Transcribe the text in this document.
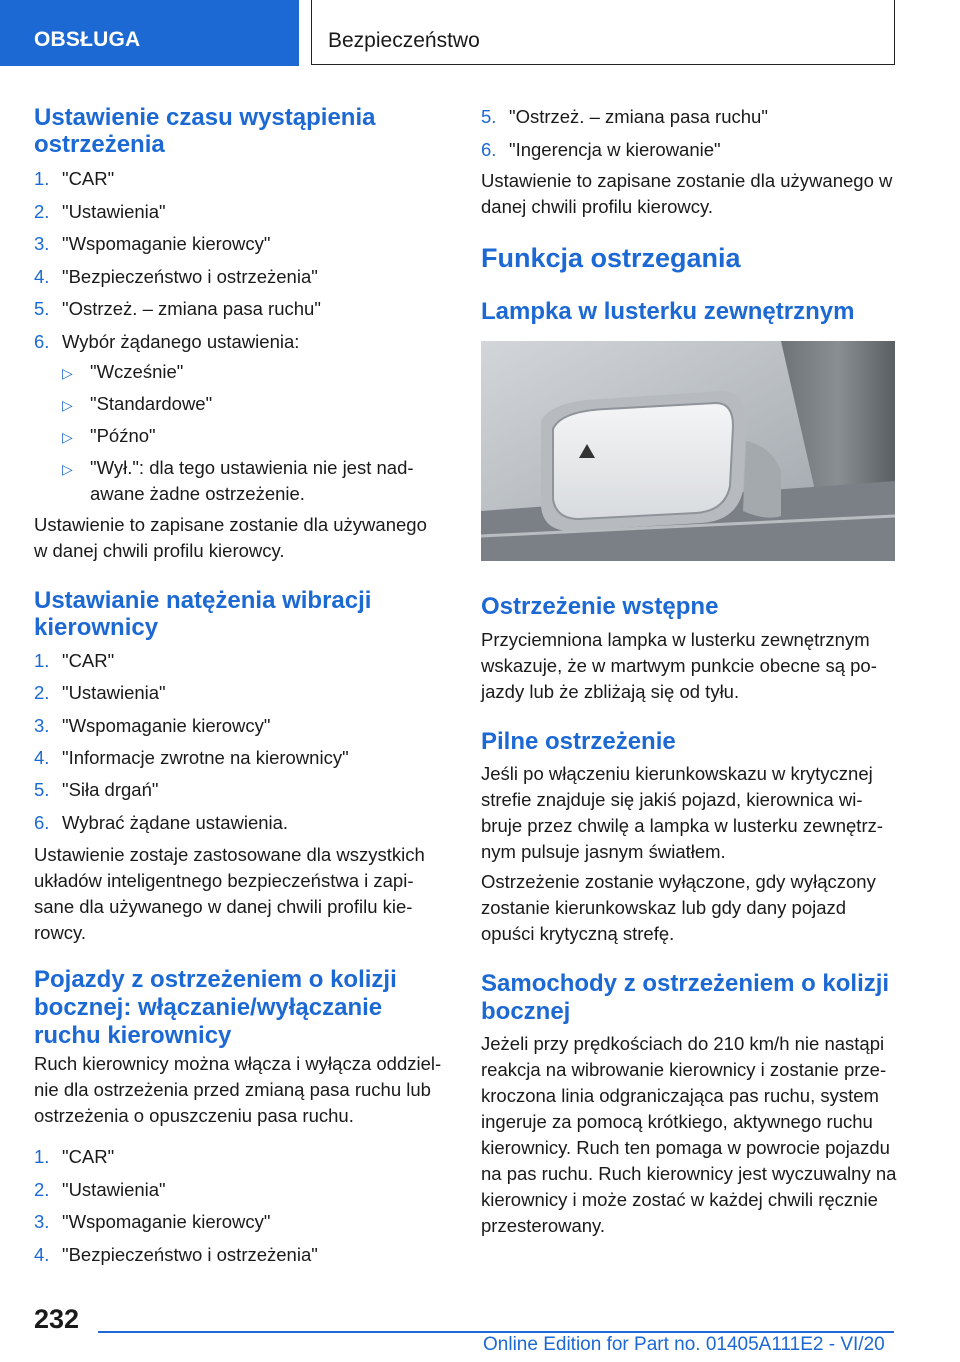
OBSŁUGA	Bezpieczeństwo
Ustawienie czasu wystąpienia ostrzeżenia
1. "CAR"
2. "Ustawienia"
3. "Wspomaganie kierowcy"
4. "Bezpieczeństwo i ostrzeżenia"
5. "Ostrzeż. – zmiana pasa ruchu"
6. Wybór żądanego ustawienia:
▷ "Wcześnie"
▷ "Standardowe"
▷ "Późno"
▷ "Wył.": dla tego ustawienia nie jest nadawane żadne ostrzeżenie.

Ustawienie to zapisane zostanie dla używanego w danej chwili profilu kierowcy.

Ustawianie natężenia wibracji kierownicy
1. "CAR"
2. "Ustawienia"
3. "Wspomaganie kierowcy"
4. "Informacje zwrotne na kierownicy"
5. "Siła drgań"
6. Wybrać żądane ustawienia.

Ustawienie zostaje zastosowane dla wszystkich układów inteligentnego bezpieczeństwa i zapisane dla używanego w danej chwili profilu kierowcy.

Pojazdy z ostrzeżeniem o kolizji bocznej: włączanie/wyłączanie ruchu kierownicy

Ruch kierownicy można włącza i wyłącza oddzielnie dla ostrzeżenia przed zmianą pasa ruchu lub ostrzeżenia o opuszczeniu pasa ruchu.

1. "CAR"
2. "Ustawienia"
3. "Wspomaganie kierowcy"
4. "Bezpieczeństwo i ostrzeżenia"
5. "Ostrzeż. – zmiana pasa ruchu"
6. "Ingerencja w kierowanie"

Ustawienie to zapisane zostanie dla używanego w danej chwili profilu kierowcy.

Funkcja ostrzegania
Lampka w lusterku zewnętrznym
Ostrzeżenie wstępne

Przyciemniona lampka w lusterku zewnętrznym wskazuje, że w martwym punkcie obecne są pojazdy lub że zbliżają się od tyłu.

Pilne ostrzeżenie

Jeśli po włączeniu kierunkowskazu w krytycznej strefie znajduje się jakiś pojazd, kierownica wibruje przez chwilę a lampka w lusterku zewnętrznym pulsuje jasnym światłem.

Ostrzeżenie zostanie wyłączone, gdy wyłączony zostanie kierunkowskaz lub gdy dany pojazd opuści krytyczną strefę.

Samochody z ostrzeżeniem o kolizji bocznej

Jeżeli przy prędkościach do 210 km/h nie nastąpi reakcja na wibrowanie kierownicy i zostanie przekroczona linia odgraniczająca pas ruchu, system ingeruje za pomocą krótkiego, aktywnego ruchu kierownicy. Ruch ten pomaga w powrocie pojazdu na pas ruchu. Ruch kierownicy jest wyczuwalny na kierownicy i może zostać w każdej chwili ręcznie przesterowany.

232
Online Edition for Part no. 01405A111E2 - VI/20
